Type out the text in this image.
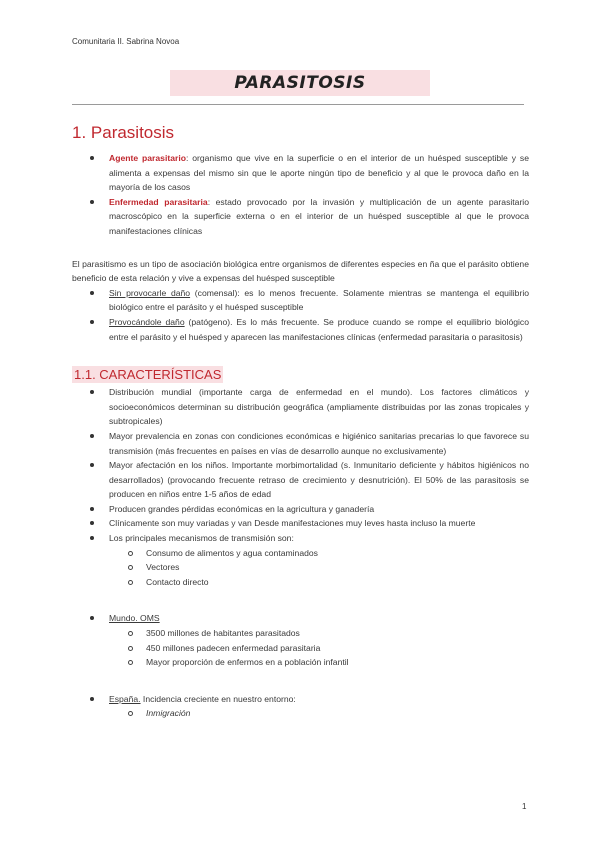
Comunitaria II. Sabrina Novoa
PARASITOSIS
1. Parasitosis
Agente parasitario: organismo que vive en la superficie o en el interior de un huésped susceptible y se alimenta a expensas del mismo sin que le aporte ningún tipo de beneficio y al que le provoca daño en la mayoría de los casos
Enfermedad parasitaria: estado provocado por la invasión y multiplicación de un agente parasitario macroscópico en la superficie externa o en el interior de un huésped susceptible al que le provoca manifestaciones clínicas

El parasitismo es un tipo de asociación biológica entre organismos de diferentes especies en ña que el parásito obtiene beneficio de esta relación y vive a expensas del huésped susceptible

Sin provocarle daño (comensal): es lo menos frecuente. Solamente mientras se mantenga el equilibrio biológico entre el parásito y el huésped susceptible
Provocándole daño (patógeno). Es lo más frecuente. Se produce cuando se rompe el equilibrio biológico entre el parásito y el huésped y aparecen las manifestaciones clínicas (enfermedad parasitaria o parasitosis)
1.1. CARACTERÍSTICAS
Distribución mundial (importante carga de enfermedad en el mundo). Los factores climáticos y socioeconómicos determinan su distribución geográfica (ampliamente distribuidas por las zonas tropicales y subtropicales)
Mayor prevalencia en zonas con condiciones económicas e higiénico sanitarias precarias lo que favorece su transmisión (más frecuentes en países en vías de desarrollo aunque no exclusivamente)
Mayor afectación en los niños. Importante morbimortalidad (s. Inmunitario deficiente y hábitos higiénicos no desarrollados) (provocando frecuente retraso de crecimiento y desnutrición). El 50% de las parasitosis se producen en niños entre 1-5 años de edad
Producen grandes pérdidas económicas en la agricultura y ganadería
Clínicamente son muy variadas y van Desde manifestaciones muy leves hasta incluso la muerte
Los principales mecanismos de transmisión son:
Consumo de alimentos y agua contaminados
Vectores
Contacto directo
Mundo. OMS
3500 millones de habitantes parasitados
450 millones padecen enfermedad parasitaria
Mayor proporción de enfermos en a población infantil
España. Incidencia creciente en nuestro entorno:
Inmigración
1
